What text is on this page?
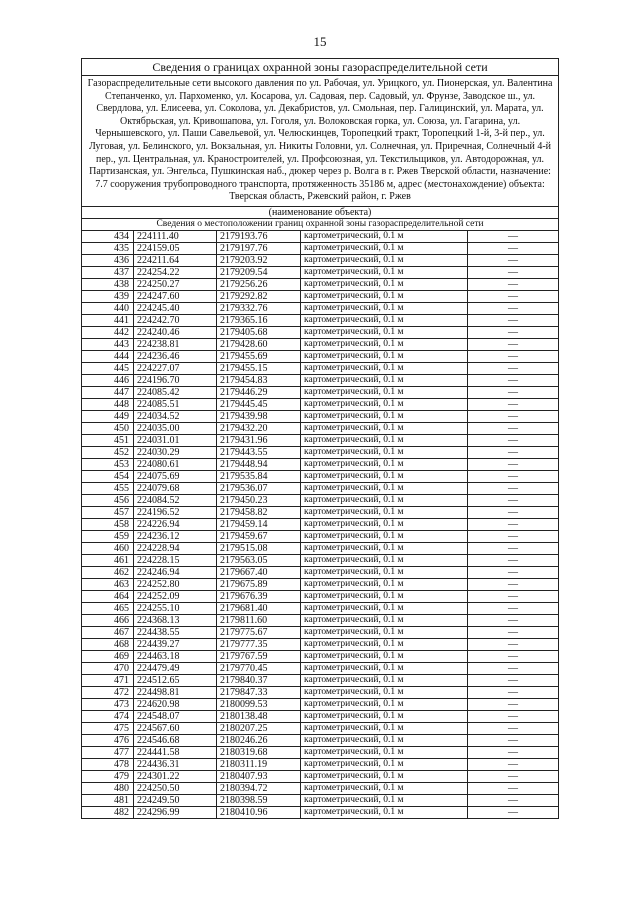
15
Сведения о границах охранной зоны газораспределительной сети				
Газораспределительные сети высокого давления по ул. Рабочая, ул. Урицкого, ул. Пионерская, ул. Валентина Степанченко, ул. Пархоменко, ул. Косарова, ул. Садовая, пер. Садовый, ул. Фрунзе, Заводское ш., ул. Свердлова, ул. Елисеева, ул. Соколова, ул. Декабристов, ул. Смольная, пер. Галицинский, ул. Марата, ул. Октябрьская, ул. Кривошапова, ул. Гоголя, ул. Волоковская горка, ул. Союза, ул. Гагарина, ул. Чернышевского, ул. Паши Савельевой, ул. Челюскинцев, Торопецкий тракт, Торопецкий 1-й, 3-й пер., ул. Луговая, ул. Белинского, ул. Вокзальная, ул. Никиты Головни, ул. Солнечная, ул. Приречная, Солнечный 4-й пер., ул. Центральная, ул. Краностроителей, ул. Профсоюзная, ул. Текстильщиков, ул. Автодорожная, ул. Партизанская, ул. Энгельса, Пушкинская наб., дюкер через р. Волга в г. Ржев Тверской области, назначение: 7.7 сооружения трубопроводного транспорта, протяженность 35186 м, адрес (местонахождение) объекта: Тверская область, Ржевский район, г. Ржев				
(наименование объекта)				
Сведения о местоположении границ охранной зоны газораспределительной сети				
434	224111.40	2179193.76	картометрический, 0.1 м	—
435	224159.05	2179197.76	картометрический, 0.1 м	—
436	224211.64	2179203.92	картометрический, 0.1 м	—
437	224254.22	2179209.54	картометрический, 0.1 м	—
438	224250.27	2179256.26	картометрический, 0.1 м	—
439	224247.60	2179292.82	картометрический, 0.1 м	—
440	224245.40	2179332.76	картометрический, 0.1 м	—
441	224242.70	2179365.16	картометрический, 0.1 м	—
442	224240.46	2179405.68	картометрический, 0.1 м	—
443	224238.81	2179428.60	картометрический, 0.1 м	—
444	224236.46	2179455.69	картометрический, 0.1 м	—
445	224227.07	2179455.15	картометрический, 0.1 м	—
446	224196.70	2179454.83	картометрический, 0.1 м	—
447	224085.42	2179446.29	картометрический, 0.1 м	—
448	224085.51	2179445.45	картометрический, 0.1 м	—
449	224034.52	2179439.98	картометрический, 0.1 м	—
450	224035.00	2179432.20	картометрический, 0.1 м	—
451	224031.01	2179431.96	картометрический, 0.1 м	—
452	224030.29	2179443.55	картометрический, 0.1 м	—
453	224080.61	2179448.94	картометрический, 0.1 м	—
454	224075.69	2179535.84	картометрический, 0.1 м	—
455	224079.68	2179536.07	картометрический, 0.1 м	—
456	224084.52	2179450.23	картометрический, 0.1 м	—
457	224196.52	2179458.82	картометрический, 0.1 м	—
458	224226.94	2179459.14	картометрический, 0.1 м	—
459	224236.12	2179459.67	картометрический, 0.1 м	—
460	224228.94	2179515.08	картометрический, 0.1 м	—
461	224228.15	2179563.05	картометрический, 0.1 м	—
462	224246.94	2179667.40	картометрический, 0.1 м	—
463	224252.80	2179675.89	картометрический, 0.1 м	—
464	224252.09	2179676.39	картометрический, 0.1 м	—
465	224255.10	2179681.40	картометрический, 0.1 м	—
466	224368.13	2179811.60	картометрический, 0.1 м	—
467	224438.55	2179775.67	картометрический, 0.1 м	—
468	224439.27	2179777.35	картометрический, 0.1 м	—
469	224463.18	2179767.59	картометрический, 0.1 м	—
470	224479.49	2179770.45	картометрический, 0.1 м	—
471	224512.65	2179840.37	картометрический, 0.1 м	—
472	224498.81	2179847.33	картометрический, 0.1 м	—
473	224620.98	2180099.53	картометрический, 0.1 м	—
474	224548.07	2180138.48	картометрический, 0.1 м	—
475	224567.60	2180207.25	картометрический, 0.1 м	—
476	224546.68	2180246.26	картометрический, 0.1 м	—
477	224441.58	2180319.68	картометрический, 0.1 м	—
478	224436.31	2180311.19	картометрический, 0.1 м	—
479	224301.22	2180407.93	картометрический, 0.1 м	—
480	224250.50	2180394.72	картометрический, 0.1 м	—
481	224249.50	2180398.59	картометрический, 0.1 м	—
482	224296.99	2180410.96	картометрический, 0.1 м	—
